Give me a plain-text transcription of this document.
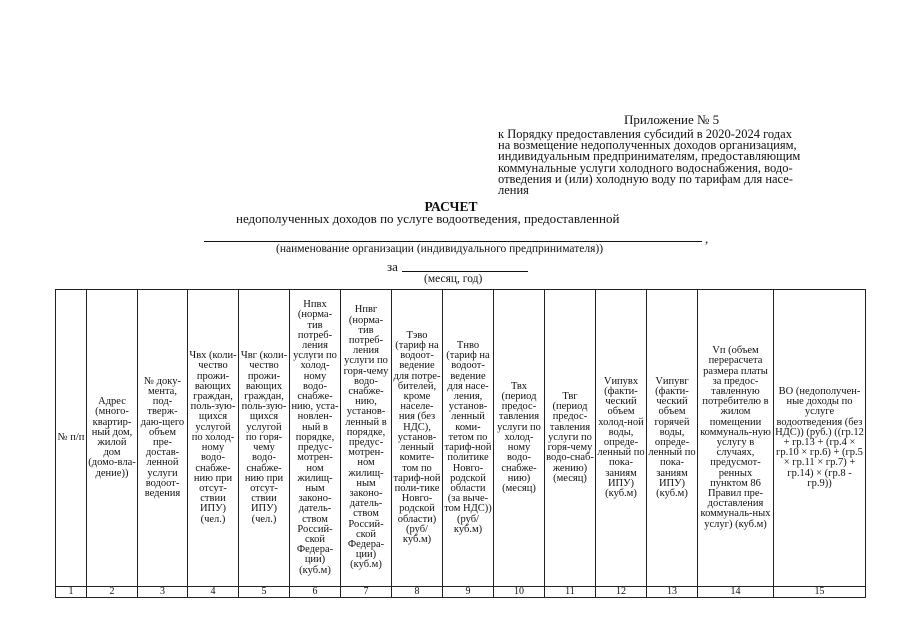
Приложение № 5
к Порядку предоставления субсидий в 2020-2024 годах
на возмещение недополученных доходов организациям,
индивидуальным предпринимателям, предоставляющим
коммунальные услуги холодного водоснабжения, водо-
отведения и (или) холодную воду по тарифам для насе-
ления
РАСЧЕТ
недополученных доходов по услуге водоотведения, предоставленной
,
(наименование организации (индивидуального предпринимателя))
за
(месяц, год)
№ п/п	Адрес (много-квартир-ный дом, жилой дом (домо-вла-дение))	№ доку-мента, под-тверж-даю-щего объем пре-достав-ленной услуги водоот-ведения	Чвх (коли-чество прожи-вающих граждан, поль-зую-щихся услугой по холод-ному водо-снабже-нию при отсут-ствии ИПУ) (чел.)	Чвг (коли-чество прожи-вающих граждан, поль-зую-щихся услугой по горя-чему водо-снабже-нию при отсут-ствии ИПУ) (чел.)	Нпвх (норма-тив потреб-ления услуги по холод-ному водо-снабже-нию, уста-новлен-ный в порядке, предус-мотрен-ном жилищ-ным законо-датель-ством Россий-ской Федера-ции) (куб.м)	Нпвг (норма-тив потреб-ления услуги по горя-чему водо-снабже-нию, установ-ленный в порядке, предус-мотрен-ном жилищ-ным законо-датель-ством Россий-ской Федера-ции) (куб.м)	Тэво (тариф на водоот-ведение для потре-бителей, кроме населе-ния (без НДС), установ-ленный комите-том по тариф-ной поли-тике Новго-родской области) (руб/куб.м)	Тнво (тариф на водоот-ведение для насе-ления, установ-ленный коми-тетом по тариф-ной политике Новго-родской области (за выче-том НДС)) (руб/куб.м)	Твх (период предос-тавления услуги по холод-ному водо-снабже-нию) (месяц)	Твг (период предос-тавления услуги по горя-чему водо-снаб-жению) (месяц)	Vипувх (факти-ческий объем холод-ной воды, опреде-ленный по пока-заниям ИПУ) (куб.м)	Vипувг (факти-ческий объем горячей воды, опреде-ленный по пока-заниям ИПУ) (куб.м)	Vп (объем перерасчета размера платы за предос-тавленную потребителю в жилом помещении коммуналь-ную услугу в случаях, предусмот-ренных пунктом 86 Правил пре-доставления коммуналь-ных услуг) (куб.м)	ВО (недополучен-ные доходы по услуге водоотведения (без НДС)) (руб.) ((гр.12 + гр.13 + (гр.4 × гр.10 × гр.6) + (гр.5 × гр.11 × гр.7) + гр.14) × (гр.8 - гр.9))
1	2	3	4	5	6	7	8	9	10	11	12	13	14	15
